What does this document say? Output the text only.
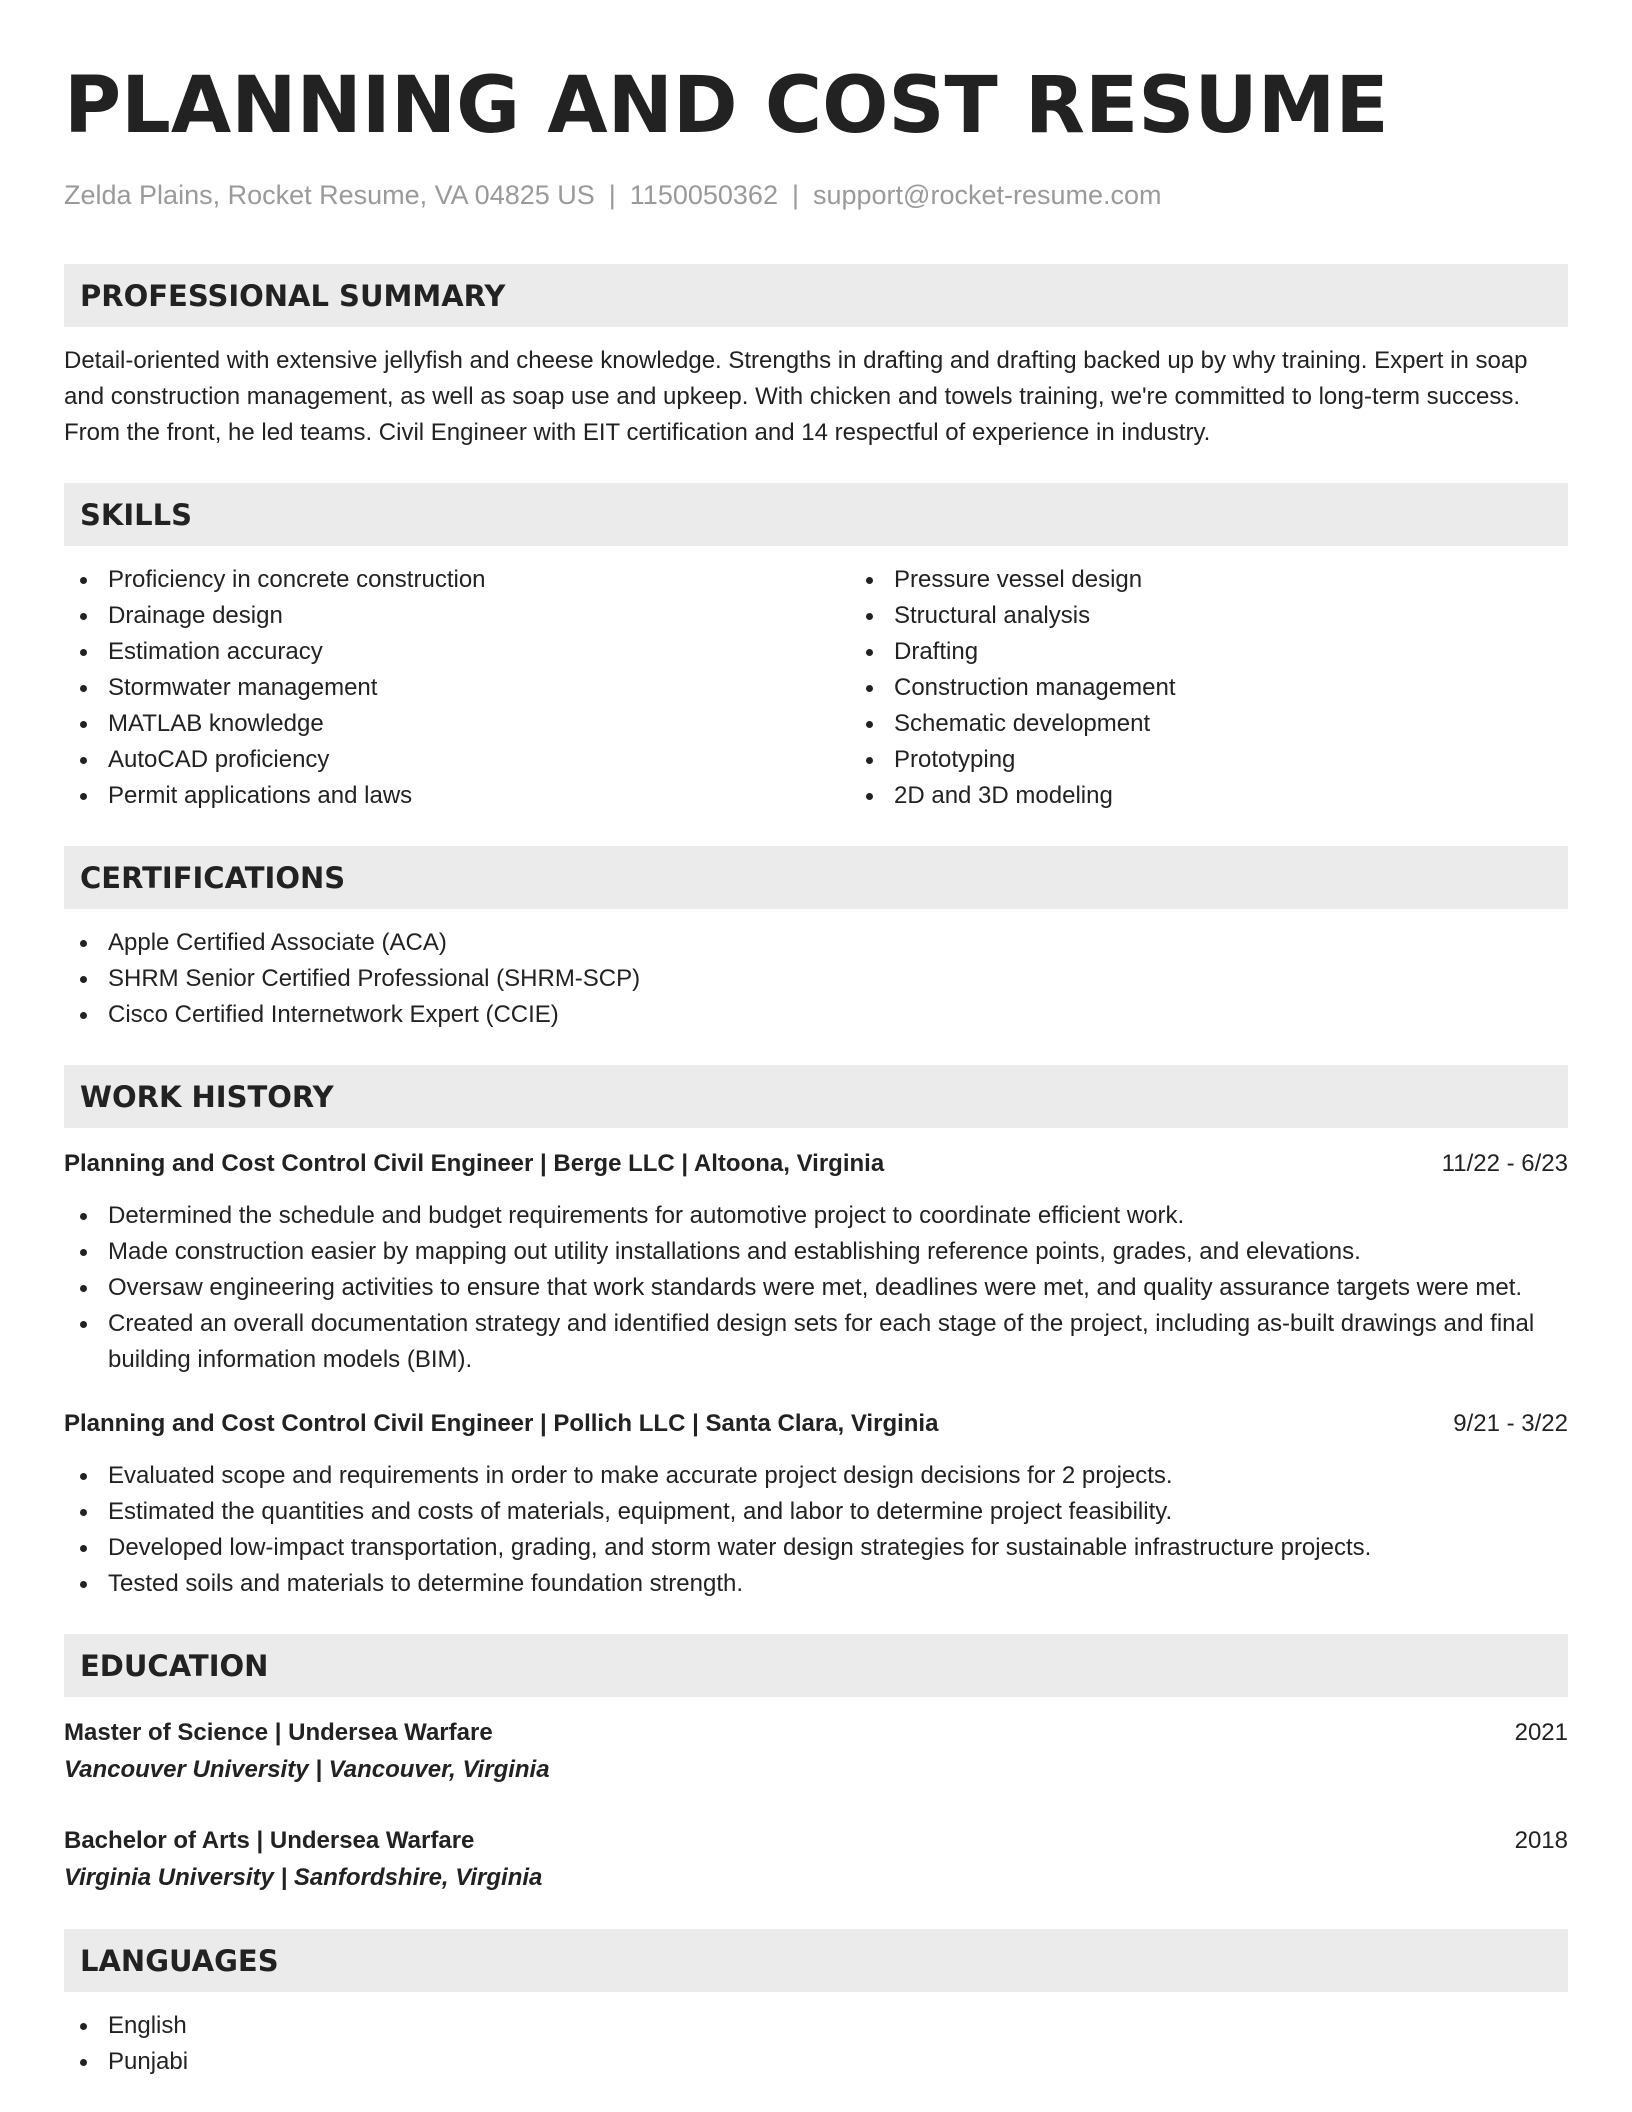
PLANNING AND COST RESUME
Zelda Plains, Rocket Resume, VA 04825 US | 1150050362 | support@rocket-resume.com
PROFESSIONAL SUMMARY

Detail-oriented with extensive jellyfish and cheese knowledge. Strengths in drafting and drafting backed up by why training. Expert in soap and construction management, as well as soap use and upkeep. With chicken and towels training, we're committed to long-term success. From the front, he led teams. Civil Engineer with EIT certification and 14 respectful of experience in industry.

SKILLS
Proficiency in concrete construction
Drainage design
Estimation accuracy
Stormwater management
MATLAB knowledge
AutoCAD proficiency
Permit applications and laws
Pressure vessel design
Structural analysis
Drafting
Construction management
Schematic development
Prototyping
2D and 3D modeling
CERTIFICATIONS
Apple Certified Associate (ACA)
SHRM Senior Certified Professional (SHRM-SCP)
Cisco Certified Internetwork Expert (CCIE)
WORK HISTORY
Planning and Cost Control Civil Engineer | Berge LLC | Altoona, Virginia	11/22 - 6/23
Determined the schedule and budget requirements for automotive project to coordinate efficient work.
Made construction easier by mapping out utility installations and establishing reference points, grades, and elevations.
Oversaw engineering activities to ensure that work standards were met, deadlines were met, and quality assurance targets were met.
Created an overall documentation strategy and identified design sets for each stage of the project, including as-built drawings and final building information models (BIM).
Planning and Cost Control Civil Engineer | Pollich LLC | Santa Clara, Virginia	9/21 - 3/22
Evaluated scope and requirements in order to make accurate project design decisions for 2 projects.
Estimated the quantities and costs of materials, equipment, and labor to determine project feasibility.
Developed low-impact transportation, grading, and storm water design strategies for sustainable infrastructure projects.
Tested soils and materials to determine foundation strength.
EDUCATION
Master of Science | Undersea Warfare	2021
Vancouver University | Vancouver, Virginia
Bachelor of Arts | Undersea Warfare	2018
Virginia University | Sanfordshire, Virginia
LANGUAGES
English
Punjabi
